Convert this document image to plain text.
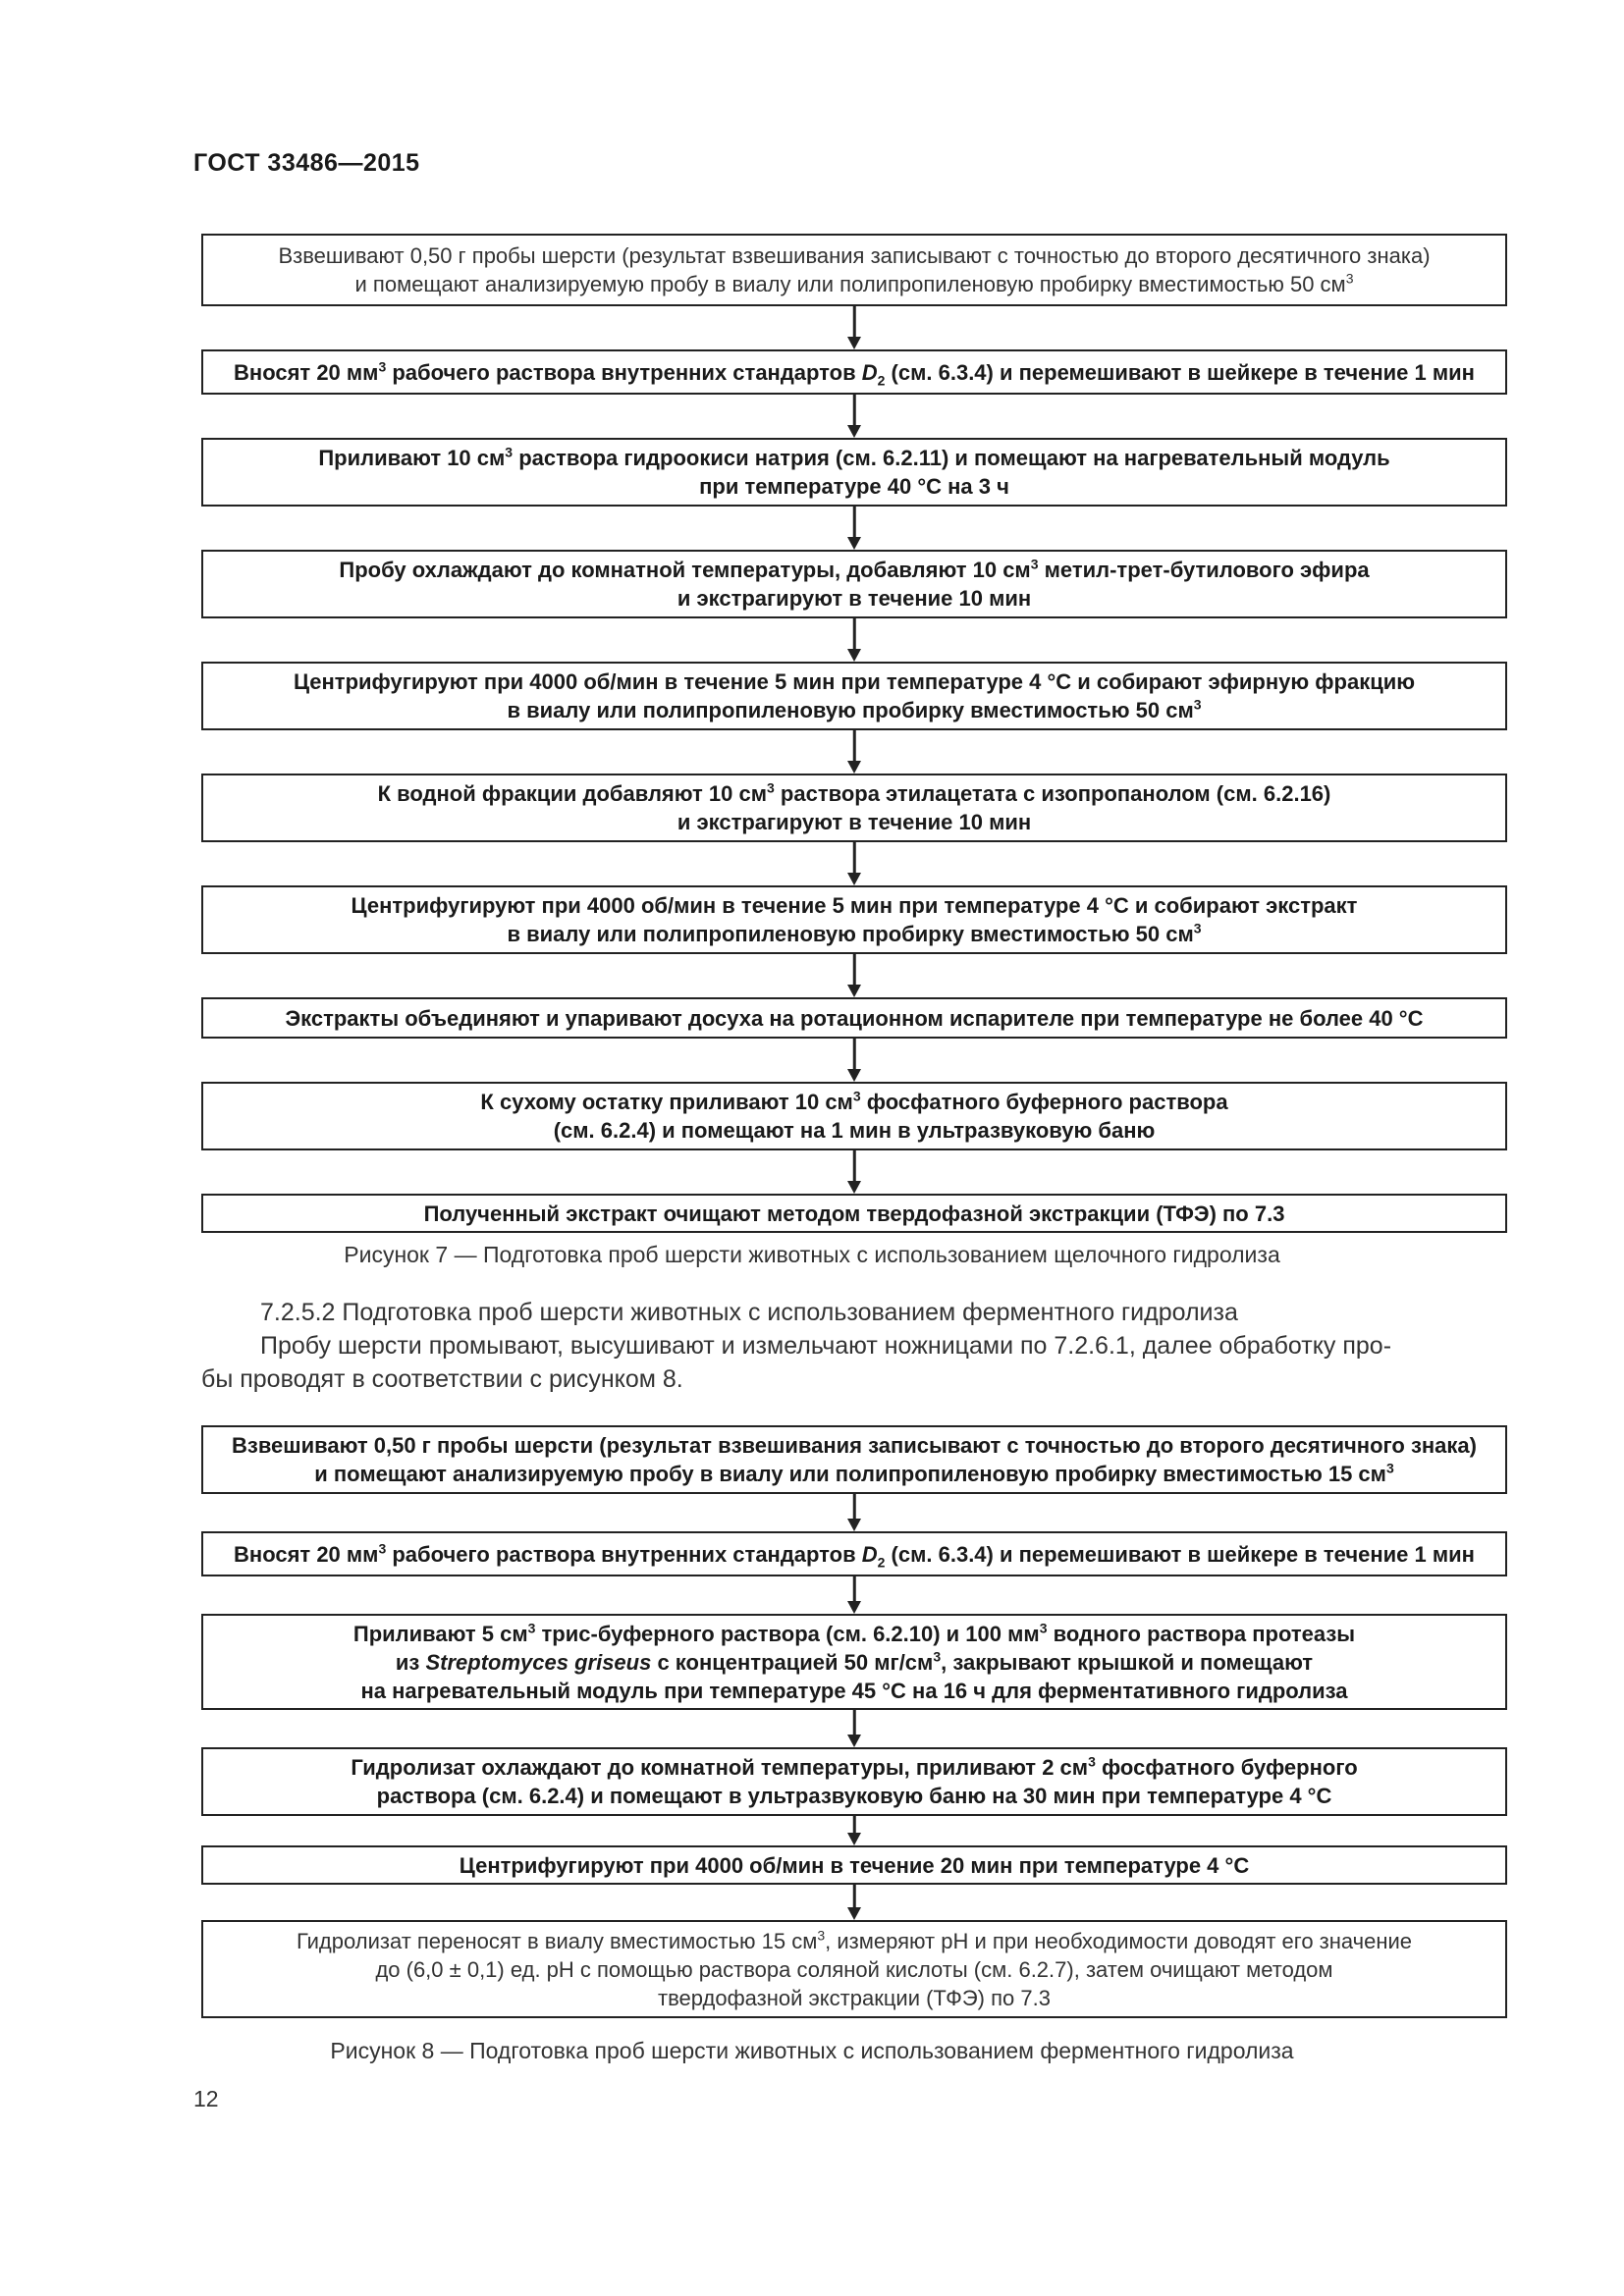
ГОСТ 33486—2015
Взвешивают 0,50 г пробы шерсти (результат взвешивания записывают с точностью до второго десятичного знака)
и помещают анализируемую пробу в виалу или полипропиленовую пробирку вместимостью 50 $см^3$
Вносят 20 $мм^3$ рабочего раствора внутренних стандартов $D_2$ (см. 6.3.4) и перемешивают в шейкере в течение 1 мин
Приливают 10 $см^3$ раствора гидроокиси натрия (см. 6.2.11) и помещают на нагревательный модуль
при температуре 40 °С на 3 ч
Пробу охлаждают до комнатной температуры, добавляют 10 $см^3$ метил-трет-бутилового эфира
и экстрагируют в течение 10 мин
Центрифугируют при 4000 об/мин в течение 5 мин при температуре 4 °С и собирают эфирную фракцию
в виалу или полипропиленовую пробирку вместимостью 50 $см^3$
К водной фракции добавляют 10 $см^3$ раствора этилацетата с изопропанолом (см. 6.2.16)
и экстрагируют в течение 10 мин
Центрифугируют при 4000 об/мин в течение 5 мин при температуре 4 °С и собирают экстракт
в виалу или полипропиленовую пробирку вместимостью 50 $см^3$
Экстракты объединяют и упаривают досуха на ротационном испарителе при температуре не более 40 °С
К сухому остатку приливают 10 $см^3$ фосфатного буферного раствора
(см. 6.2.4) и помещают на 1 мин в ультразвуковую баню
Полученный экстракт очищают методом твердофазной экстракции (ТФЭ) по 7.3
Рисунок 7 — Подготовка проб шерсти животных с использованием щелочного гидролиза
7.2.5.2 Подготовка проб шерсти животных с использованием ферментного гидролиза
Пробу шерсти промывают, высушивают и измельчают ножницами по 7.2.6.1, далее обработку про-
бы проводят в соответствии с рисунком 8.
Взвешивают 0,50 г пробы шерсти (результат взвешивания записывают с точностью до второго десятичного знака)
и помещают анализируемую пробу в виалу или полипропиленовую пробирку вместимостью 15 $см^3$
Вносят 20 $мм^3$ рабочего раствора внутренних стандартов $D_2$ (см. 6.3.4) и перемешивают в шейкере в течение 1 мин
Приливают 5 $см^3$ трис-буферного раствора (см. 6.2.10) и 100 $мм^3$ водного раствора протеазы
из Streptomyces griseus с концентрацией 50 $мг/см^3$, закрывают крышкой и помещают
на нагревательный модуль при температуре 45 °С на 16 ч для ферментативного гидролиза
Гидролизат охлаждают до комнатной температуры, приливают 2 $см^3$ фосфатного буферного
раствора (см. 6.2.4) и помещают в ультразвуковую баню на 30 мин при температуре 4 °С
Центрифугируют при 4000 об/мин в течение 20 мин при температуре 4 °С
Гидролизат переносят в виалу вместимостью 15 $см^3$, измеряют рН и при необходимости доводят его значение
до (6,0 ± 0,1) ед. рН с помощью раствора соляной кислоты (см. 6.2.7), затем очищают методом
твердофазной экстракции (ТФЭ) по 7.3
Рисунок 8 — Подготовка проб шерсти животных с использованием ферментного гидролиза
12
